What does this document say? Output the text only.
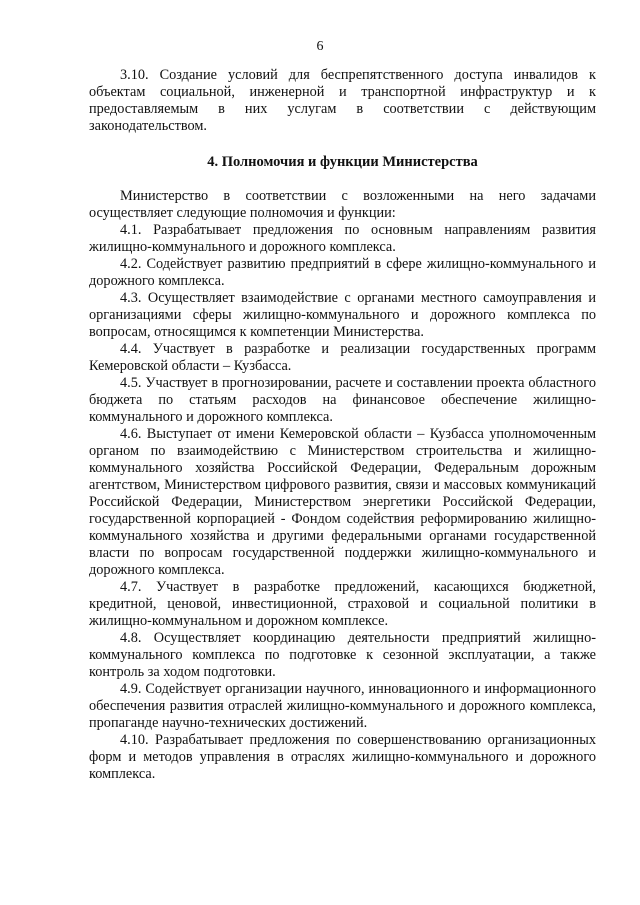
6

3.10. Создание условий для беспрепятственного доступа инвалидов к объектам социальной, инженерной и транспортной инфраструктур и к предоставляемым в них услугам в соответствии с действующим законодательством.

4. Полномочия и функции Министерства

Министерство в соответствии с возложенными на него задачами осуществляет следующие полномочия и функции:

4.1. Разрабатывает предложения по основным направлениям развития жилищно-коммунального и дорожного комплекса.

4.2. Содействует развитию предприятий в сфере жилищно-коммунального и дорожного комплекса.

4.3. Осуществляет взаимодействие с органами местного самоуправления и организациями сферы жилищно-коммунального и дорожного комплекса по вопросам, относящимся к компетенции Министерства.

4.4. Участвует в разработке и реализации государственных программ Кемеровской области – Кузбасса.

4.5. Участвует в прогнозировании, расчете и составлении проекта областного бюджета по статьям расходов на финансовое обеспечение жилищно-коммунального и дорожного комплекса.

4.6. Выступает от имени Кемеровской области – Кузбасса уполномоченным органом по взаимодействию с Министерством строительства и жилищно-коммунального хозяйства Российской Федерации, Федеральным дорожным агентством, Министерством цифрового развития, связи и массовых коммуникаций Российской Федерации, Министерством энергетики Российской Федерации, государственной корпорацией - Фондом содействия реформированию жилищно-коммунального хозяйства и другими федеральными органами государственной власти по вопросам государственной поддержки жилищно-коммунального и дорожного комплекса.

4.7. Участвует в разработке предложений, касающихся бюджетной, кредитной, ценовой, инвестиционной, страховой и социальной политики в жилищно-коммунальном и дорожном комплексе.

4.8. Осуществляет координацию деятельности предприятий жилищно-коммунального комплекса по подготовке к сезонной эксплуатации, а также контроль за ходом подготовки.

4.9. Содействует организации научного, инновационного и информационного обеспечения развития отраслей жилищно-коммунального и дорожного комплекса, пропаганде научно-технических достижений.

4.10. Разрабатывает предложения по совершенствованию организационных форм и методов управления в отраслях жилищно-коммунального и дорожного комплекса.
